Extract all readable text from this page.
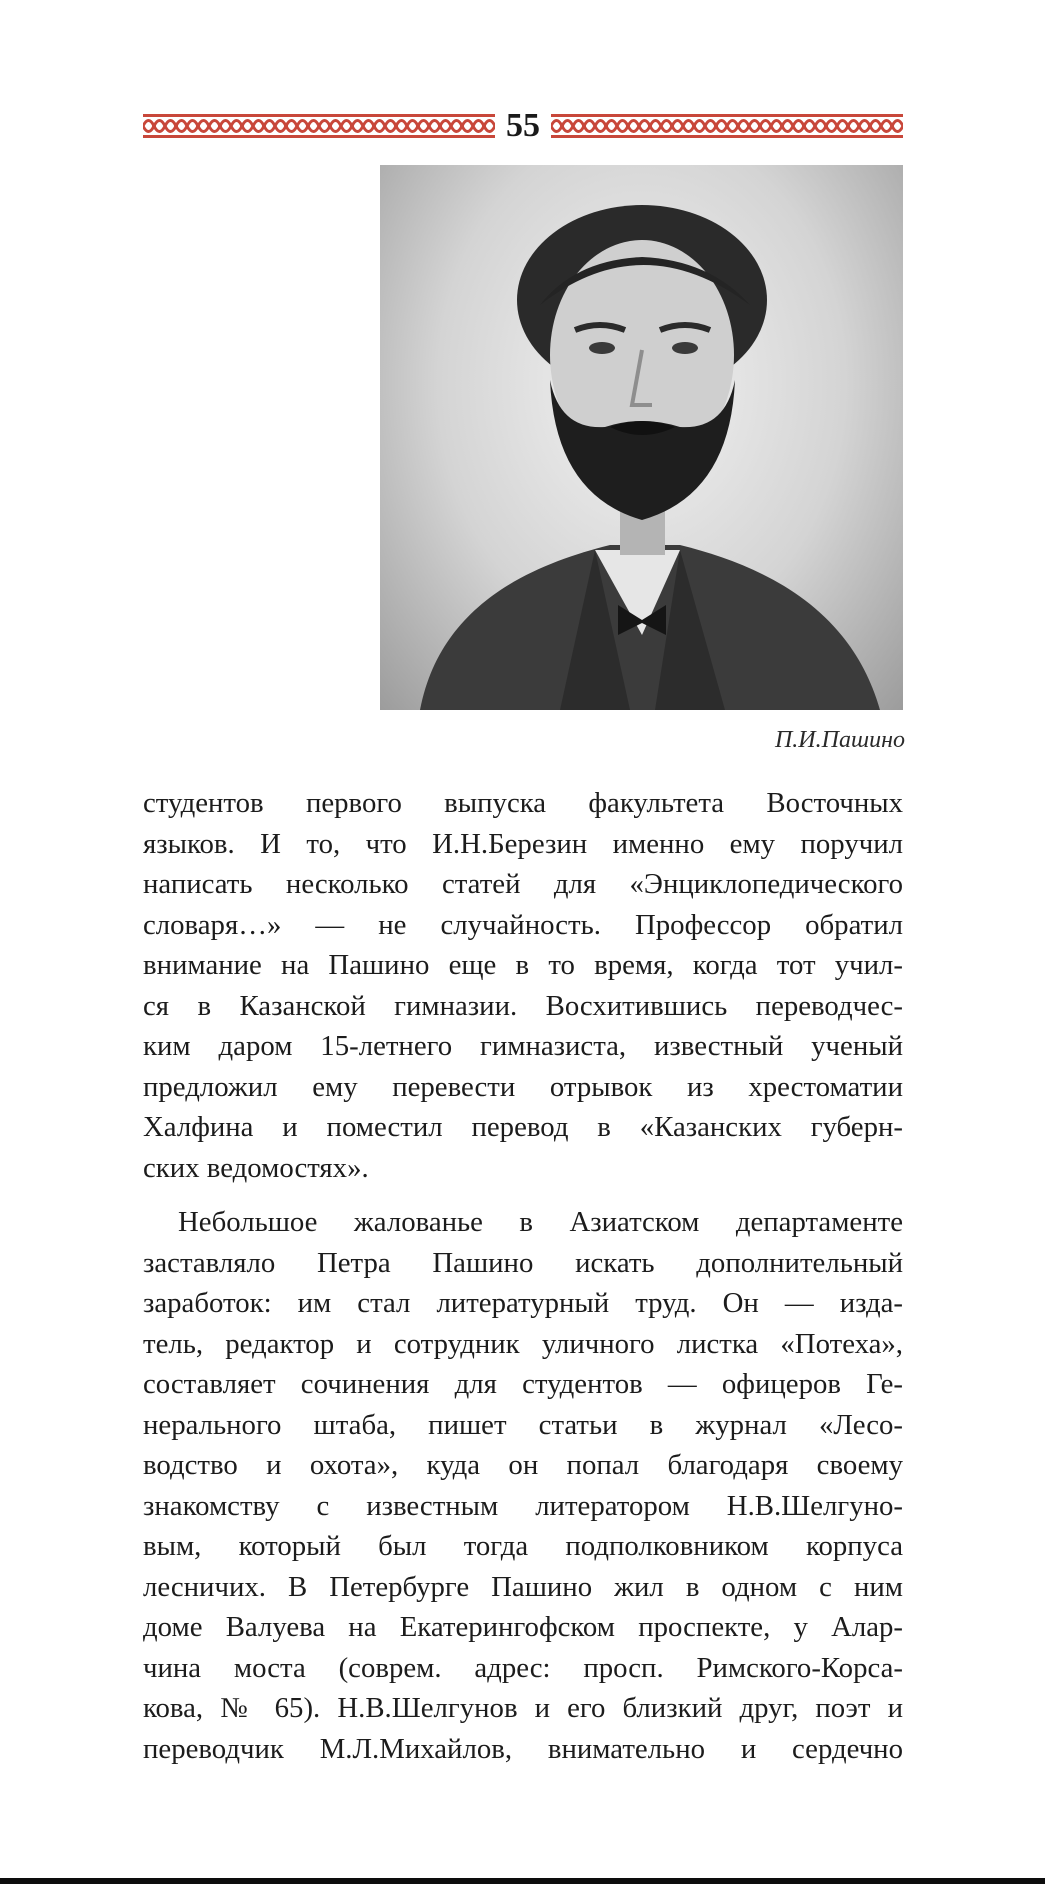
55
П.И.Пашино

студентов первого выпуска факультета Восточных
языков. И то, что И.Н.Березин именно ему поручил
написать несколько статей для «Энциклопедического
словаря…» — не случайность. Профессор обратил
внимание на Пашино еще в то время, когда тот учил-
ся в Казанской гимназии. Восхитившись переводчес-
ким даром 15-летнего гимназиста, известный ученый
предложил ему перевести отрывок из хрестоматии
Халфина и поместил перевод в «Казанских губерн-
ских ведомостях».

Небольшое жалованье в Азиатском департаменте
заставляло Петра Пашино искать дополнительный
заработок: им стал литературный труд. Он — изда-
тель, редактор и сотрудник уличного листка «Потеха»,
составляет сочинения для студентов — офицеров Ге-
нерального штаба, пишет статьи в журнал «Лесо-
водство и охота», куда он попал благодаря своему
знакомству с известным литератором Н.В.Шелгуно-
вым, который был тогда подполковником корпуса
лесничих. В Петербурге Пашино жил в одном с ним
доме Валуева на Екатерингофском проспекте, у Алар-
чина моста (соврем. адрес: просп. Римского-Корса-
кова, № 65). Н.В.Шелгунов и его близкий друг, поэт и
переводчик М.Л.Михайлов, внимательно и сердечно
